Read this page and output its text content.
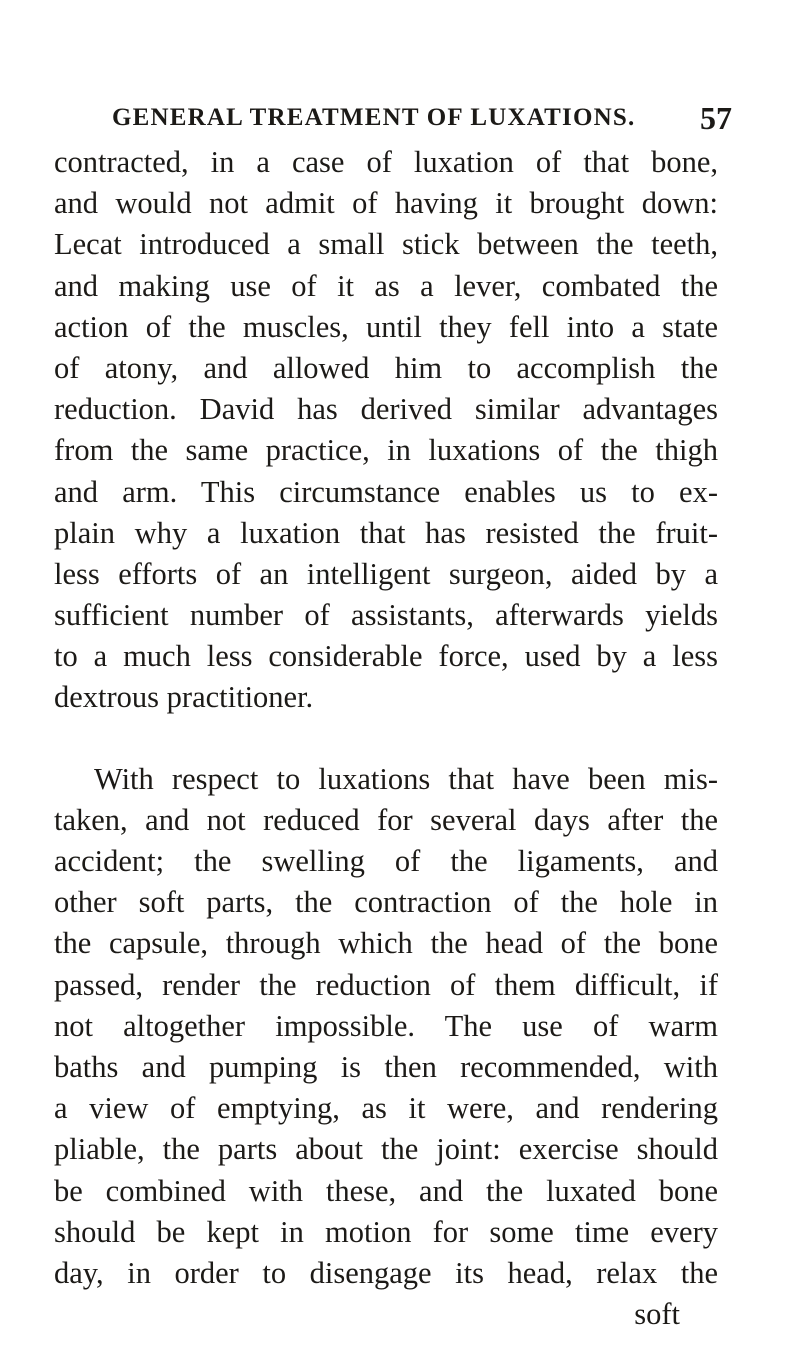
GENERAL TREATMENT OF LUXATIONS. 57
contracted, in a case of luxation of that bone,
and would not admit of having it brought down:
Lecat introduced a small stick between the teeth,
and making use of it as a lever, combated the
action of the muscles, until they fell into a state
of atony, and allowed him to accomplish the
reduction. David has derived similar advantages
from the same practice, in luxations of the thigh
and arm. This circumstance enables us to ex-
plain why a luxation that has resisted the fruit-
less efforts of an intelligent surgeon, aided by a
sufficient number of assistants, afterwards yields
to a much less considerable force, used by a less
dextrous practitioner.
With respect to luxations that have been mis-
taken, and not reduced for several days after the
accident; the swelling of the ligaments, and
other soft parts, the contraction of the hole in
the capsule, through which the head of the bone
passed, render the reduction of them difficult, if
not altogether impossible. The use of warm
baths and pumping is then recommended, with
a view of emptying, as it were, and rendering
pliable, the parts about the joint: exercise should
be combined with these, and the luxated bone
should be kept in motion for some time every
day, in order to disengage its head, relax the
soft
